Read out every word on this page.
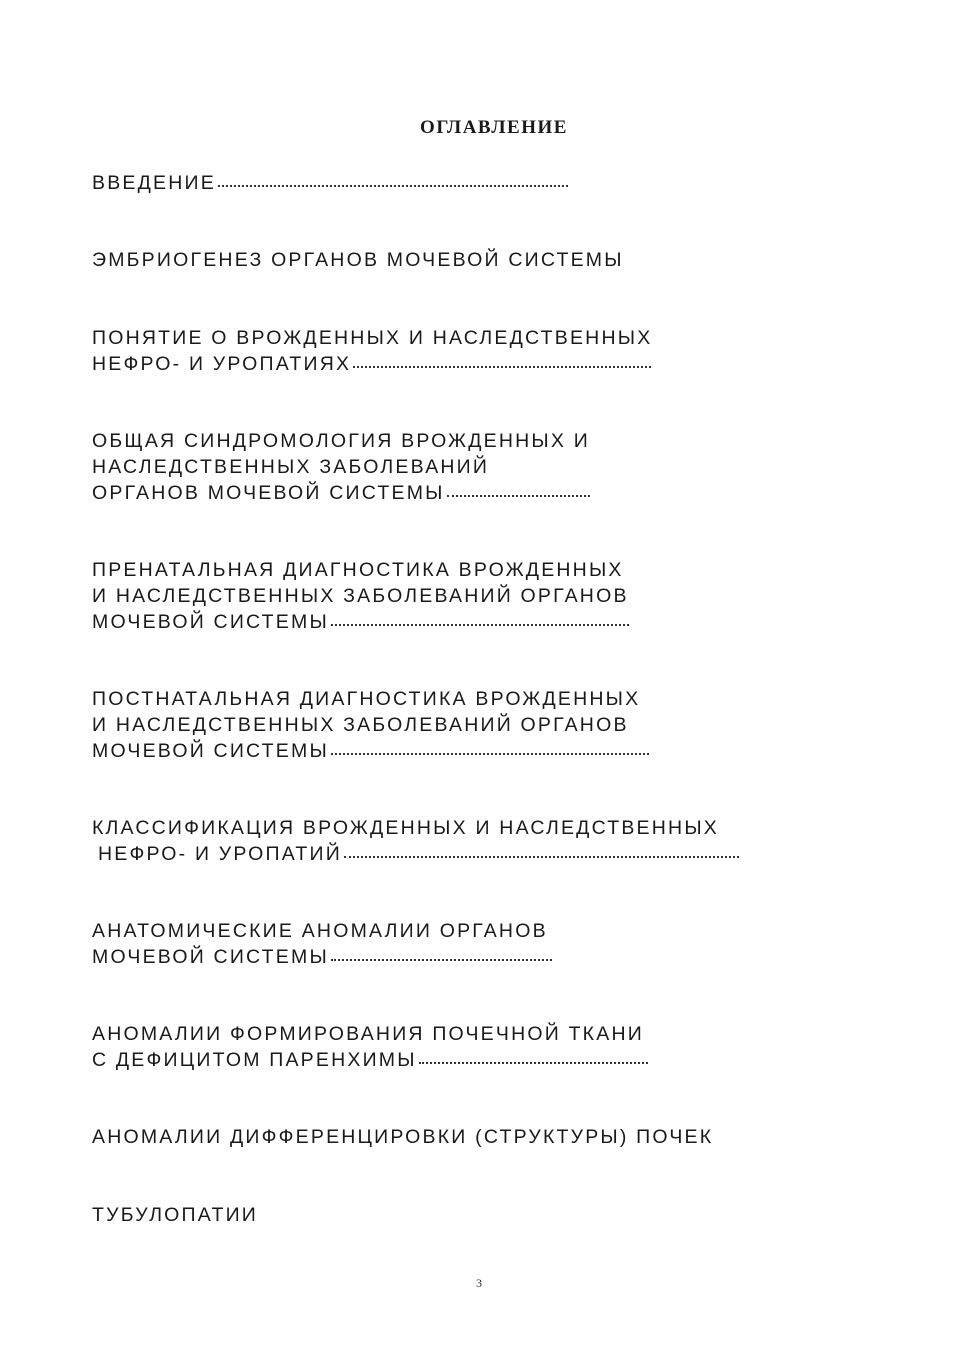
ОГЛАВЛЕНИЕ
ВВЕДЕНИЕ
ЭМБРИОГЕНЕЗ ОРГАНОВ МОЧЕВОЙ СИСТЕМЫ
ПОНЯТИЕ О ВРОЖДЕННЫХ И НАСЛЕДСТВЕННЫХ
НЕФРО- И УРОПАТИЯХ
ОБЩАЯ СИНДРОМОЛОГИЯ ВРОЖДЕННЫХ И
НАСЛЕДСТВЕННЫХ ЗАБОЛЕВАНИЙ
ОРГАНОВ МОЧЕВОЙ СИСТЕМЫ
ПРЕНАТАЛЬНАЯ ДИАГНОСТИКА ВРОЖДЕННЫХ
И НАСЛЕДСТВЕННЫХ ЗАБОЛЕВАНИЙ ОРГАНОВ
МОЧЕВОЙ СИСТЕМЫ
ПОСТНАТАЛЬНАЯ ДИАГНОСТИКА ВРОЖДЕННЫХ
И НАСЛЕДСТВЕННЫХ ЗАБОЛЕВАНИЙ ОРГАНОВ
МОЧЕВОЙ СИСТЕМЫ
КЛАССИФИКАЦИЯ ВРОЖДЕННЫХ И НАСЛЕДСТВЕННЫХ
НЕФРО- И УРОПАТИЙ
АНАТОМИЧЕСКИЕ АНОМАЛИИ ОРГАНОВ
МОЧЕВОЙ СИСТЕМЫ
АНОМАЛИИ ФОРМИРОВАНИЯ ПОЧЕЧНОЙ ТКАНИ
С ДЕФИЦИТОМ ПАРЕНХИМЫ
АНОМАЛИИ ДИФФЕРЕНЦИРОВКИ (СТРУКТУРЫ) ПОЧЕК
ТУБУЛОПАТИИ
3
